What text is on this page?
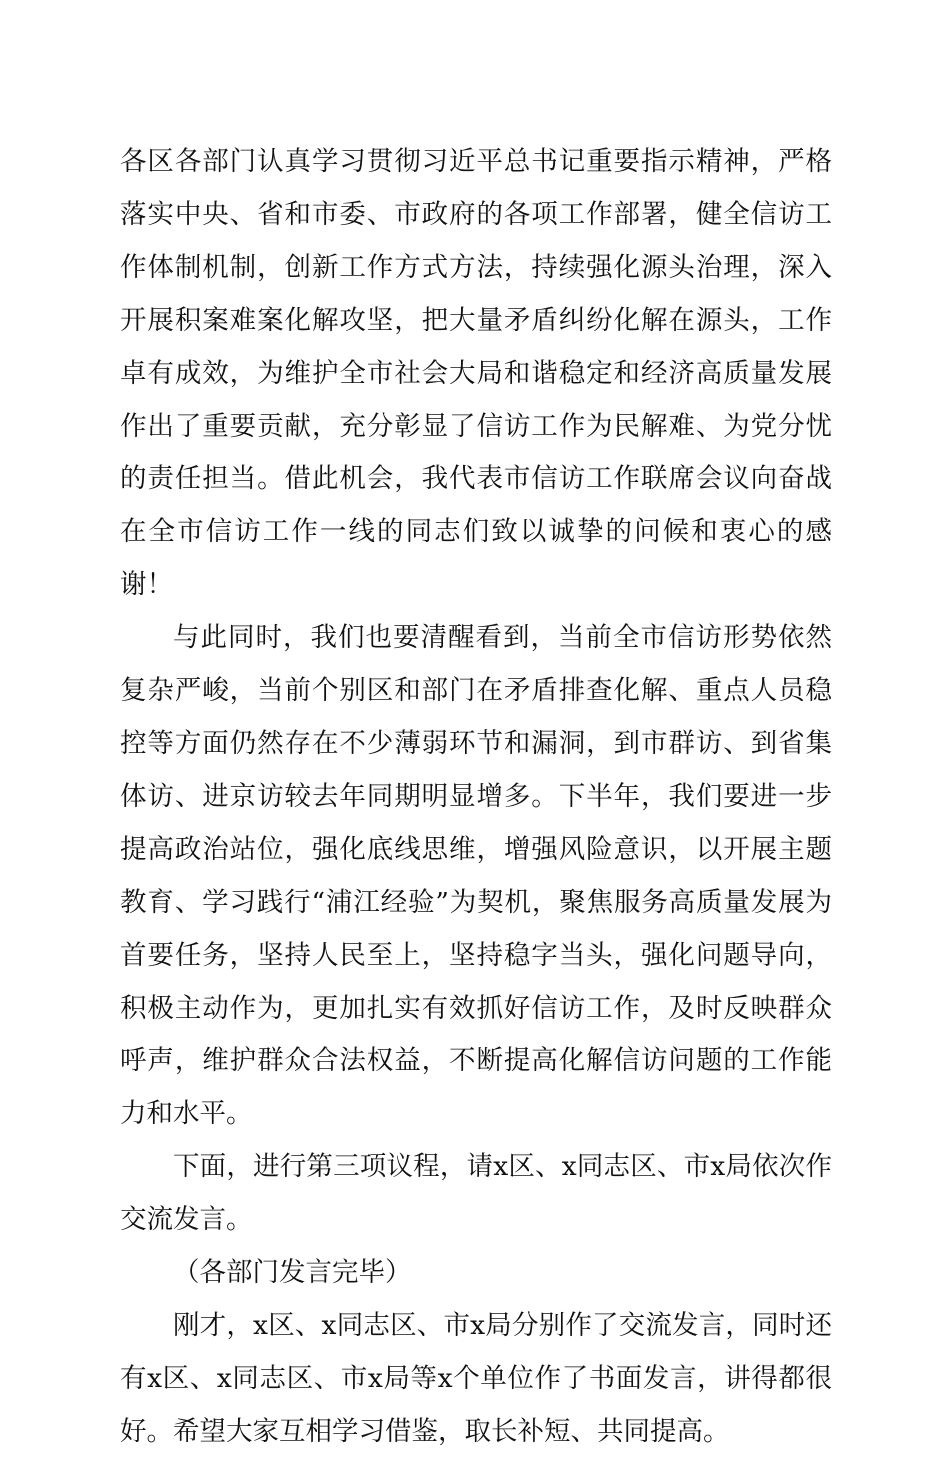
各区各部门认真学习贯彻习近平总书记重要指示精神，严格落实中央、省和市委、市政府的各项工作部署，健全信访工作体制机制，创新工作方式方法，持续强化源头治理，深入开展积案难案化解攻坚，把大量矛盾纠纷化解在源头，工作卓有成效，为维护全市社会大局和谐稳定和经济高质量发展作出了重要贡献，充分彰显了信访工作为民解难、为党分忧的责任担当。借此机会，我代表市信访工作联席会议向奋战在全市信访工作一线的同志们致以诚挚的问候和衷心的感谢！

与此同时，我们也要清醒看到，当前全市信访形势依然复杂严峻，当前个别区和部门在矛盾排查化解、重点人员稳控等方面仍然存在不少薄弱环节和漏洞，到市群访、到省集体访、进京访较去年同期明显增多。下半年，我们要进一步提高政治站位，强化底线思维，增强风险意识，以开展主题教育、学习践行“浦江经验”为契机，聚焦服务高质量发展为首要任务，坚持人民至上，坚持稳字当头，强化问题导向，积极主动作为，更加扎实有效抓好信访工作，及时反映群众呼声，维护群众合法权益，不断提高化解信访问题的工作能力和水平。

下面，进行第三项议程，请x区、x同志区、市x局依次作交流发言。

（各部门发言完毕）

刚才，x区、x同志区、市x局分别作了交流发言，同时还有x区、x同志区、市x局等x个单位作了书面发言，讲得都很好。希望大家互相学习借鉴，取长补短、共同提高。
